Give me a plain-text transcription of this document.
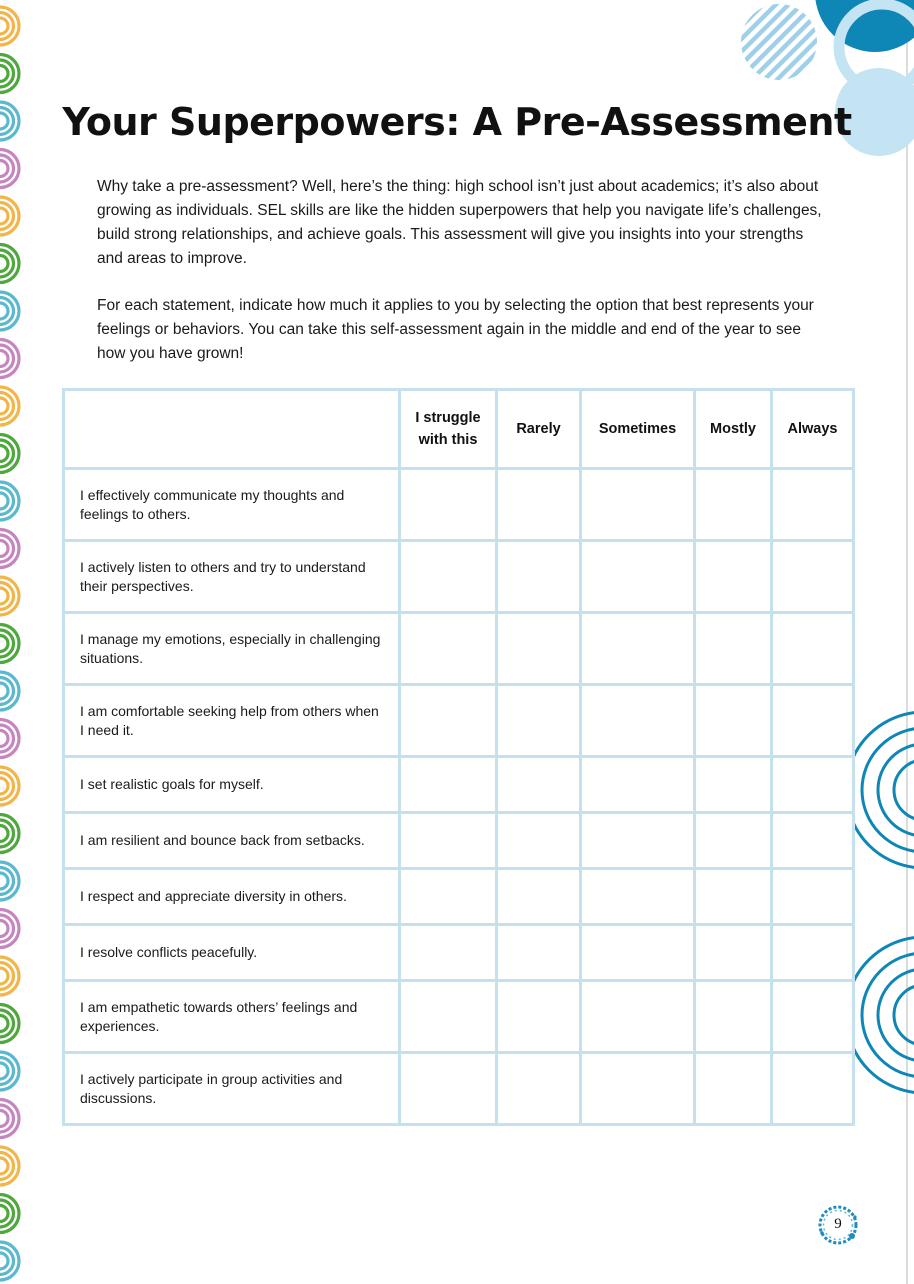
Your Superpowers: A Pre-Assessment

Why take a pre-assessment? Well, here’s the thing: high school isn’t just about academics; it’s also about growing as individuals. SEL skills are like the hidden superpowers that help you navigate life’s challenges, build strong relationships, and achieve goals. This assessment will give you insights into your strengths and areas to improve.

For each statement, indicate how much it applies to you by selecting the option that best represents your feelings or behaviors. You can take this self-assessment again in the middle and end of the year to see how you have grown!

	I struggle with this	Rarely	Sometimes	Mostly	Always
I effectively communicate my thoughts and feelings to others.					
I actively listen to others and try to understand their perspectives.					
I manage my emotions, especially in challenging situations.					
I am comfortable seeking help from others when I need it.					
I set realistic goals for myself.					
I am resilient and bounce back from setbacks.					
I respect and appreciate diversity in others.					
I resolve conflicts peacefully.					
I am empathetic towards others’ feelings and experiences.					
I actively participate in group activities and discussions.					
9
